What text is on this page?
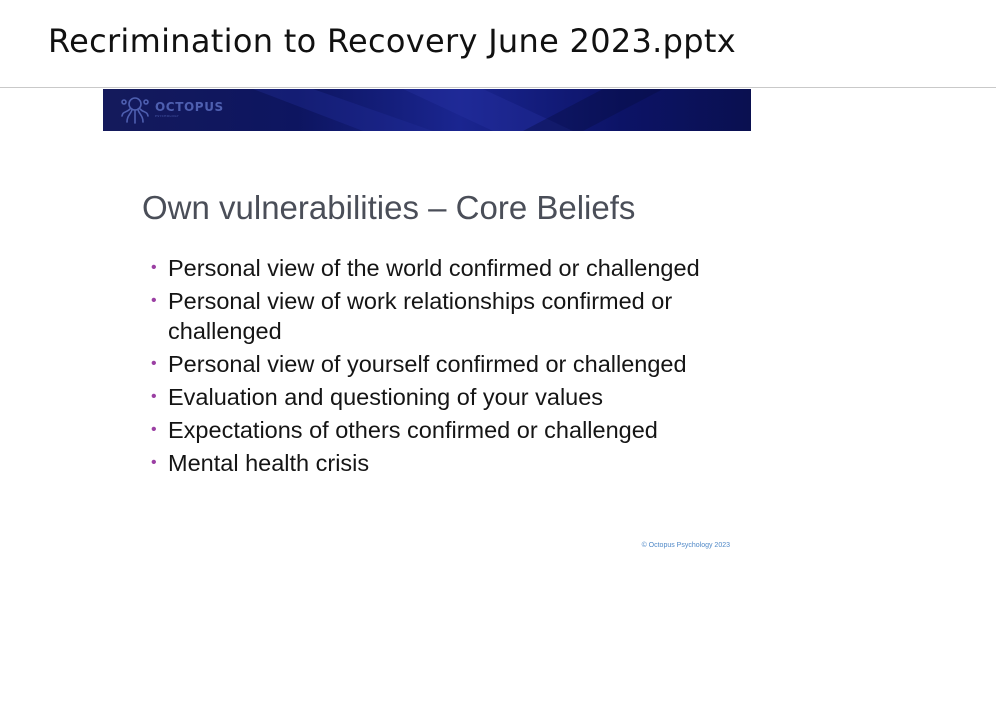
Recrimination to Recovery June 2023.pptx
OCTOPUS
PSYCHOLOGY
Own vulnerabilities – Core Beliefs
• Personal view of the world confirmed or challenged
• Personal view of work relationships confirmed or challenged
• Personal view of yourself confirmed or challenged
• Evaluation and questioning of your values
• Expectations of others confirmed or challenged
• Mental health crisis
© Octopus Psychology 2023
